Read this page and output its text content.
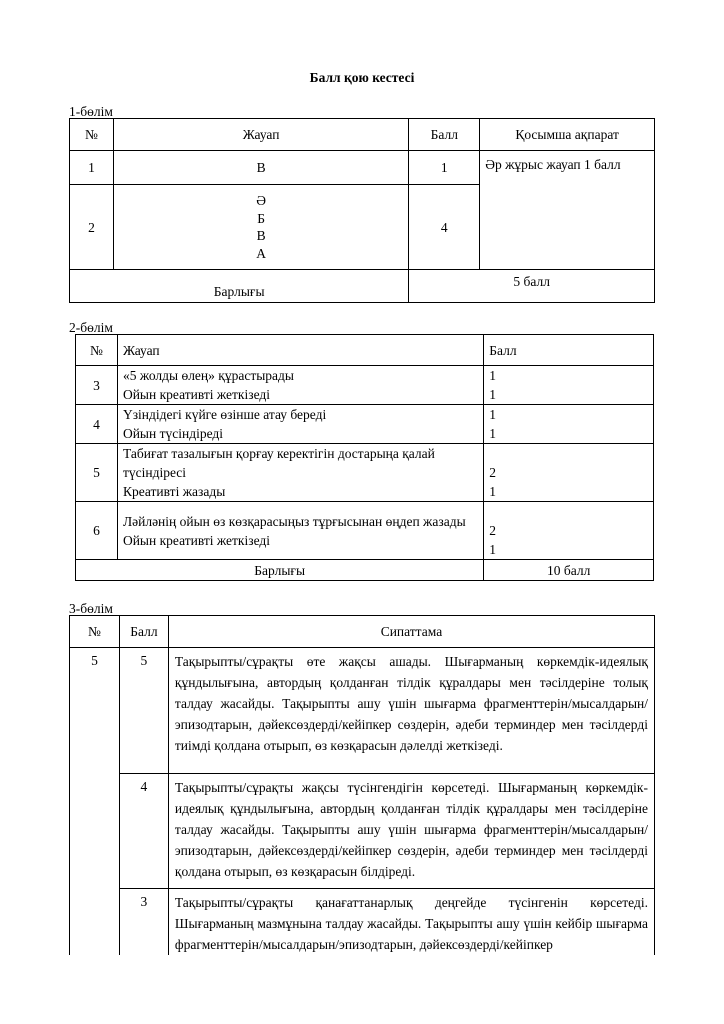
Балл қою кестесі
1-бөлім
№	Жауап	Балл	Қосымша ақпарат
1	В	1	Әр жұрыс жауап 1 балл
2	Ә
Б
В
А	4	
Барлығы		5 балл	
2-бөлім
№	Жауап	Балл
3	«5 жолды өлең» құрастырады
Ойын креативті жеткізеді	1
1
4	Үзіндідегі күйге өзінше атау береді
Ойын түсіндіреді	1
1
5	Табиғат тазалығын қорғау керектігін достарыңа қалай түсіндіресі
Креативті жазады	2
1
6	Ләйләнің ойын өз көзқарасыңыз тұрғысынан өңдеп жазады
Ойын креативті жеткізеді	2
1
Барлығы		10 балл
3-бөлім
№	Балл	Сипаттама
5	5	Тақырыпты/сұрақты өте жақсы ашады. Шығарманың көркемдік-идеялық құндылығына, автордың қолданған тілдік құралдары мен тәсілдеріне толық талдау жасайды. Тақырыпты ашу үшін шығарма фрагменттерін/мысалдарын/эпизодтарын, дәйексөздерді/кейіпкер сөздерін, әдеби терминдер мен тәсілдерді тиімді қолдана отырып, өз көзқарасын дәлелді жеткізеді.
	4	Тақырыпты/сұрақты жақсы түсінгендігін көрсетеді. Шығарманың көркемдік-идеялық құндылығына, автордың қолданған тілдік құралдары мен тәсілдеріне талдау жасайды. Тақырыпты ашу үшін шығарма фрагменттерін/мысалдарын/эпизодтарын, дәйексөздерді/кейіпкер сөздерін, әдеби терминдер мен тәсілдерді қолдана отырып, өз көзқарасын білдіреді.
	3	Тақырыпты/сұрақты қанағаттанарлық деңгейде түсінгенін көрсетеді. Шығарманың мазмұнына талдау жасайды. Тақырыпты ашу үшін кейбір шығарма фрагменттерін/мысалдарын/эпизодтарын, дәйексөздерді/кейіпкер
